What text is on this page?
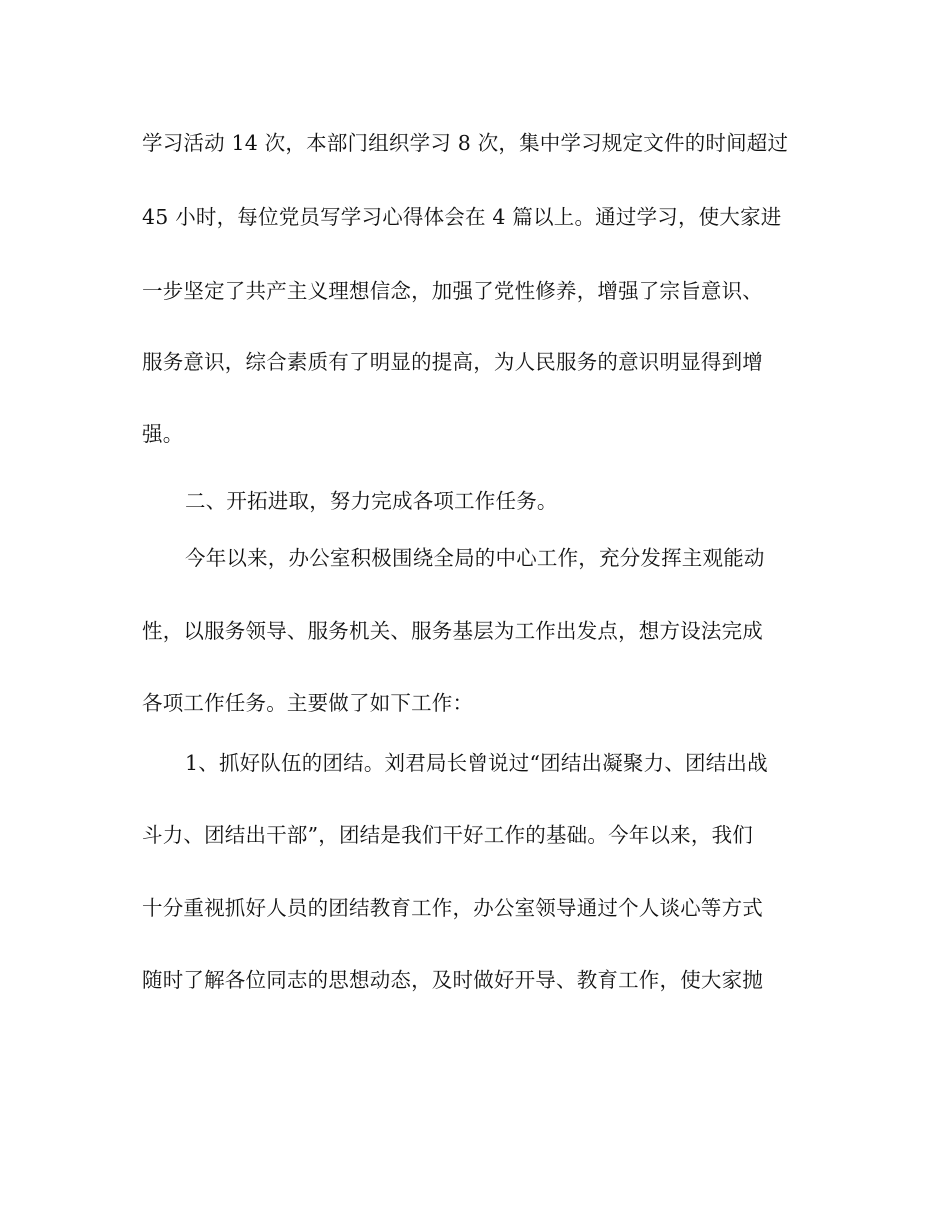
学习活动 14 次，本部门组织学习 8 次，集中学习规定文件的时间超过
45 小时，每位党员写学习心得体会在 4 篇以上。通过学习，使大家进
一步坚定了共产主义理想信念，加强了党性修养，增强了宗旨意识、
服务意识，综合素质有了明显的提高，为人民服务的意识明显得到增
强。
二、开拓进取，努力完成各项工作任务。
今年以来，办公室积极围绕全局的中心工作，充分发挥主观能动
性，以服务领导、服务机关、服务基层为工作出发点，想方设法完成
各项工作任务。主要做了如下工作：
1、抓好队伍的团结。刘君局长曾说过“团结出凝聚力、团结出战
斗力、团结出干部”，团结是我们干好工作的基础。今年以来，我们
十分重视抓好人员的团结教育工作，办公室领导通过个人谈心等方式
随时了解各位同志的思想动态，及时做好开导、教育工作，使大家抛
